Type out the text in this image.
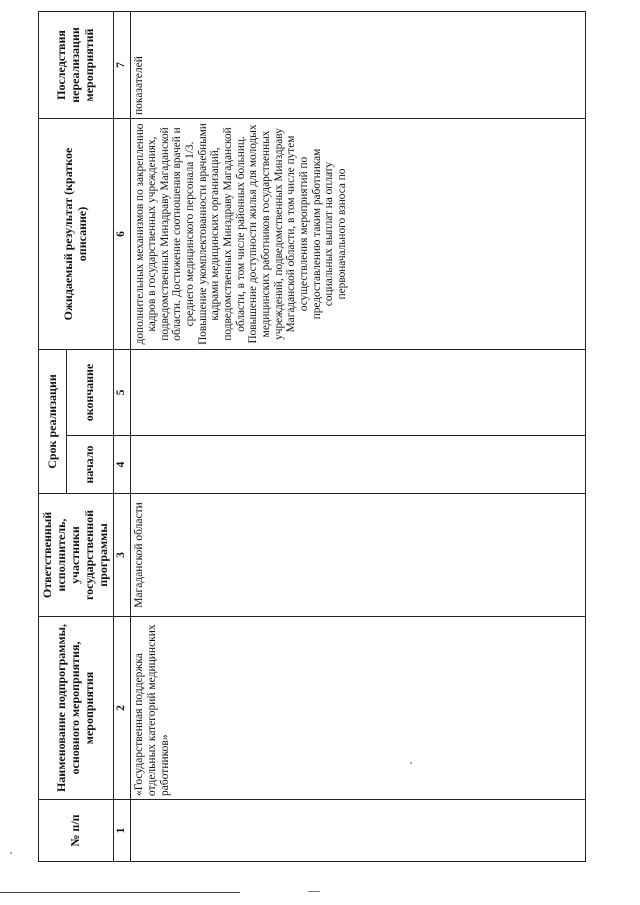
№ п/п	Наименование подпрограммы, основного мероприятия, мероприятия	Ответственный исполнитель, участники государственной программы	Срок реализации		Ожидаемый результат (краткое описание)	Последствия нереализации мероприятий
			начало	окончание		
1	2	3	4	5	6	7
	«Государственная поддержка отдельных категорий медицинских работников»	Магаданской области			дополнительных механизмов по закреплению кадров в государственных учреждениях, подведомственных Минздраву Магаданской области. Достижение соотношения врачей и среднего медицинского персонала 1/3. Повышение укомплектованности врачебными кадрами медицинских организаций, подведомственных Минздраву Магаданской области, в том числе районных больниц. Повышение доступности жилья для молодых медицинских работников государственных учреждений, подведомственных Минздраву Магаданской области, в том числе путем осуществления мероприятий по предоставлению таким работникам социальных выплат на оплату первоначального взноса по	показателей
